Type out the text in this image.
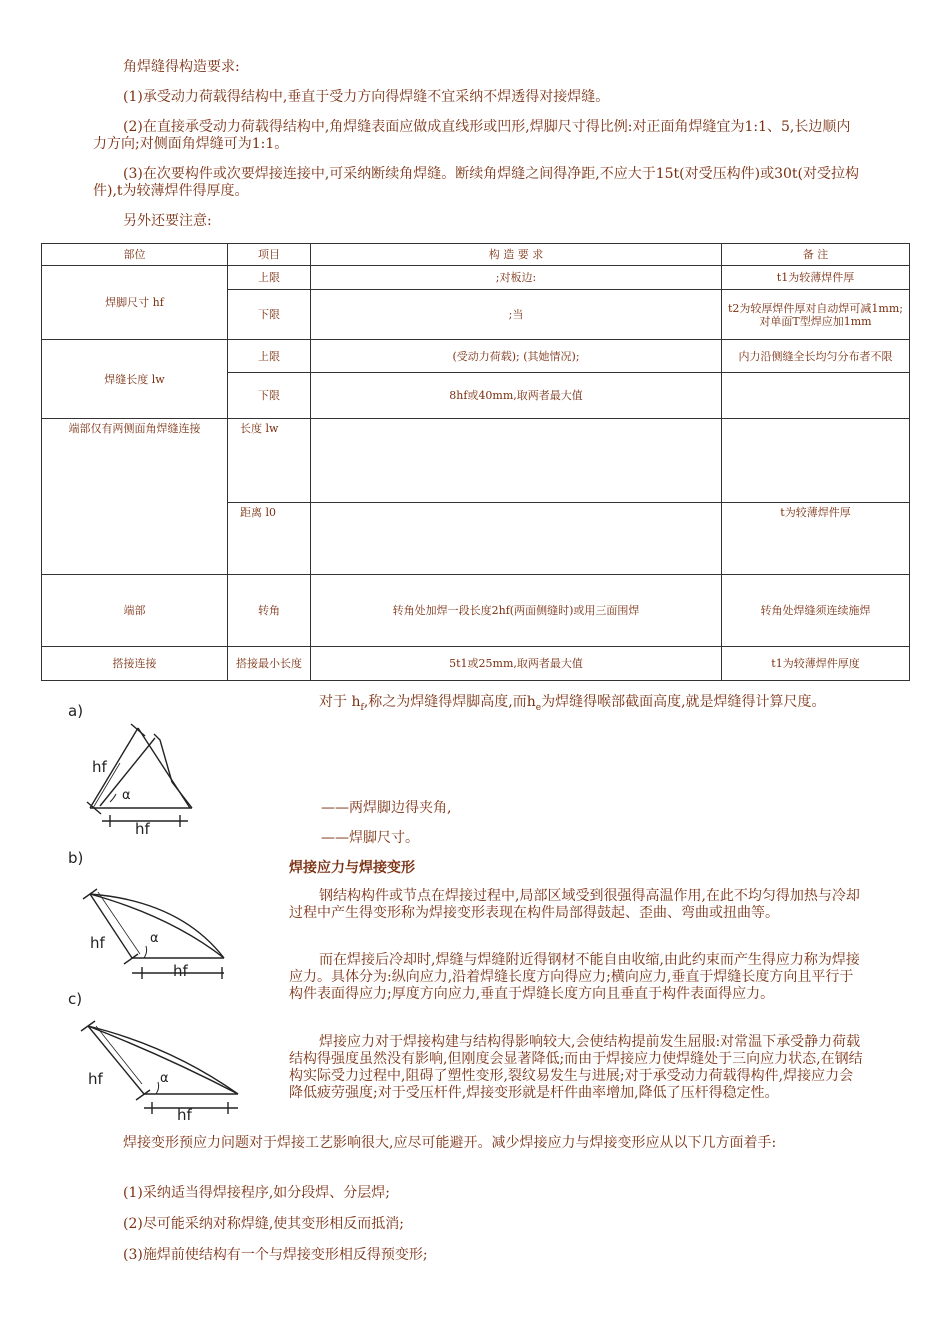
角焊缝得构造要求:

(1)承受动力荷载得结构中,垂直于受力方向得焊缝不宜采纳不焊透得对接焊缝。

(2)在直接承受动力荷载得结构中,角焊缝表面应做成直线形或凹形,焊脚尺寸得比例:对正面角焊缝宜为1:1、5,长边顺内力方向;对侧面角焊缝可为1:1。

(3)在次要构件或次要焊接连接中,可采纳断续角焊缝。断续角焊缝之间得净距,不应大于15t(对受压构件)或30t(对受拉构件),t为较薄焊件得厚度。

另外还要注意:

部位	项目	构 造 要 求	备 注
焊脚尺寸 hf	上限	;对板边:	t1为较薄焊件厚
	下限	;当	t2为较厚焊件厚对自动焊可减1mm;对单面T型焊应加1mm
焊缝长度 lw	上限	(受动力荷载); (其她情况);	内力沿侧缝全长均匀分布者不限
	下限	8hf或40mm,取两者最大值	
端部仅有两侧面角焊缝连接	长度 lw		
	距离 l0		t为较薄焊件厚
端部	转角	转角处加焊一段长度2hf(两面侧缝时)或用三面围焊	转角处焊缝须连续施焊
搭接连接	搭接最小长度	5t1或25mm,取两者最大值	t1为较薄焊件厚度
a)
hf
α
hf
b)
hf	α
hf
c)
hf	α
hf

对于 $h_f$,称之为焊缝得焊脚高度,而$h_e$为焊缝得喉部截面高度,就是焊缝得计算尺度。

——两焊脚边得夹角,

——焊脚尺寸。

焊接应力与焊接变形

钢结构构件或节点在焊接过程中,局部区域受到很强得高温作用,在此不均匀得加热与冷却过程中产生得变形称为焊接变形表现在构件局部得鼓起、歪曲、弯曲或扭曲等。

而在焊接后冷却时,焊缝与焊缝附近得钢材不能自由收缩,由此约束而产生得应力称为焊接应力。具体分为:纵向应力,沿着焊缝长度方向得应力;横向应力,垂直于焊缝长度方向且平行于构件表面得应力;厚度方向应力,垂直于焊缝长度方向且垂直于构件表面得应力。

焊接应力对于焊接构建与结构得影响较大,会使结构提前发生屈服:对常温下承受静力荷载结构得强度虽然没有影响,但刚度会显著降低;而由于焊接应力使焊缝处于三向应力状态,在钢结构实际受力过程中,阻碍了塑性变形,裂纹易发生与进展;对于承受动力荷载得构件,焊接应力会降低疲劳强度;对于受压杆件,焊接变形就是杆件曲率增加,降低了压杆得稳定性。

焊接变形预应力问题对于焊接工艺影响很大,应尽可能避开。减少焊接应力与焊接变形应从以下几方面着手:

(1)采纳适当得焊接程序,如分段焊、分层焊;

(2)尽可能采纳对称焊缝,使其变形相反而抵消;

(3)施焊前使结构有一个与焊接变形相反得预变形;
